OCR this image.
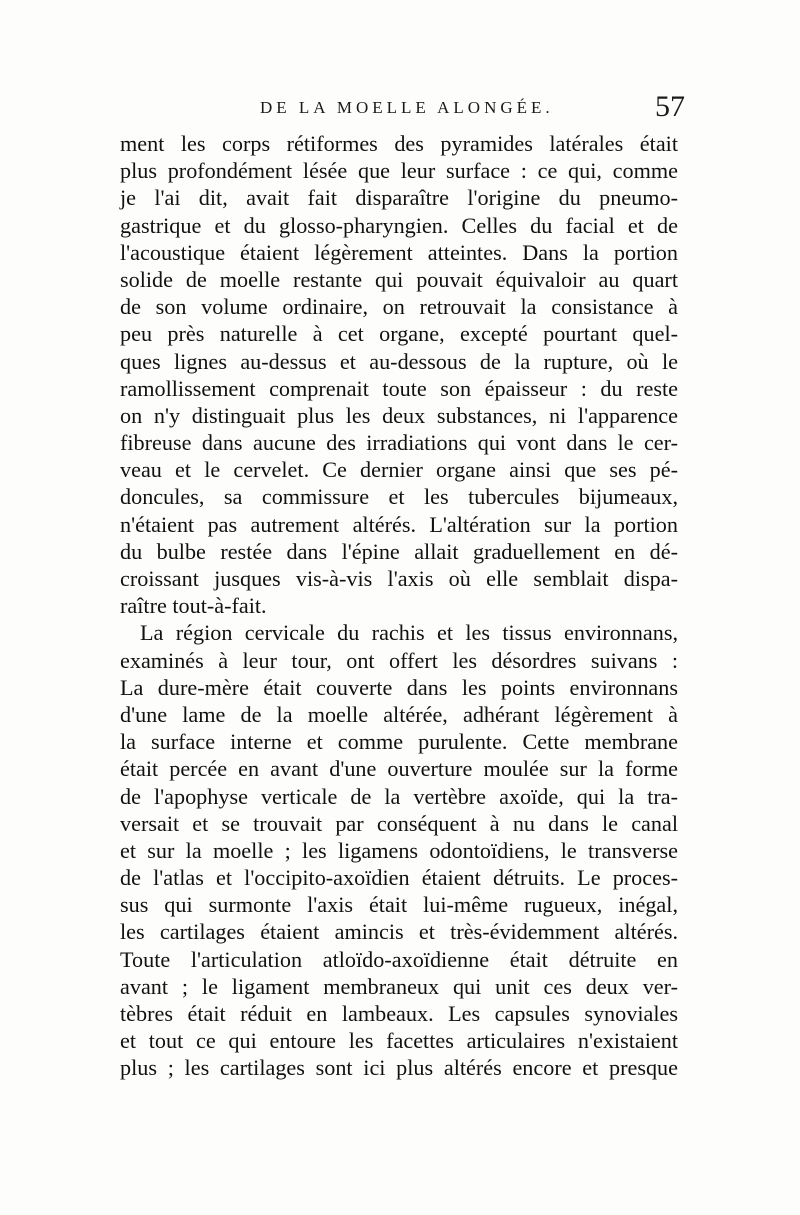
DE LA MOELLE ALONGÉE.	57
ment les corps rétiformes des pyramides latérales était
plus profondément lésée que leur surface : ce qui, comme
je l'ai dit, avait fait disparaître l'origine du pneumo-
gastrique et du glosso-pharyngien. Celles du facial et de
l'acoustique étaient légèrement atteintes. Dans la portion
solide de moelle restante qui pouvait équivaloir au quart
de son volume ordinaire, on retrouvait la consistance à
peu près naturelle à cet organe, excepté pourtant quel-
ques lignes au-dessus et au-dessous de la rupture, où le
ramollissement comprenait toute son épaisseur : du reste
on n'y distinguait plus les deux substances, ni l'apparence
fibreuse dans aucune des irradiations qui vont dans le cer-
veau et le cervelet. Ce dernier organe ainsi que ses pé-
doncules, sa commissure et les tubercules bijumeaux,
n'étaient pas autrement altérés. L'altération sur la portion
du bulbe restée dans l'épine allait graduellement en dé-
croissant jusques vis-à-vis l'axis où elle semblait dispa-
raître tout-à-fait.
La région cervicale du rachis et les tissus environnans,
examinés à leur tour, ont offert les désordres suivans :
La dure-mère était couverte dans les points environnans
d'une lame de la moelle altérée, adhérant légèrement à
la surface interne et comme purulente. Cette membrane
était percée en avant d'une ouverture moulée sur la forme
de l'apophyse verticale de la vertèbre axoïde, qui la tra-
versait et se trouvait par conséquent à nu dans le canal
et sur la moelle ; les ligamens odontoïdiens, le transverse
de l'atlas et l'occipito-axoïdien étaient détruits. Le proces-
sus qui surmonte l'axis était lui-même rugueux, inégal,
les cartilages étaient amincis et très-évidemment altérés.
Toute l'articulation atloïdo-axoïdienne était détruite en
avant ; le ligament membraneux qui unit ces deux ver-
tèbres était réduit en lambeaux. Les capsules synoviales
et tout ce qui entoure les facettes articulaires n'existaient
plus ; les cartilages sont ici plus altérés encore et presque
